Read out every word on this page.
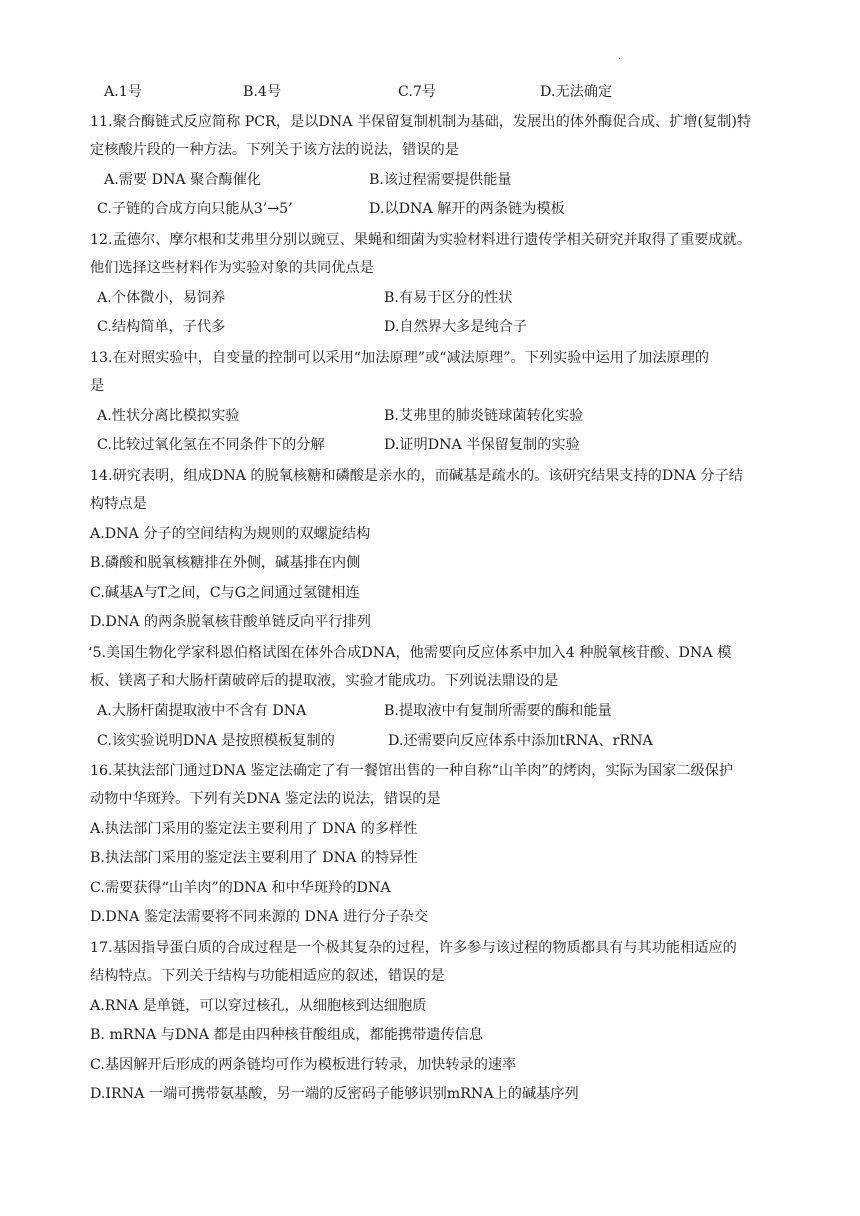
·
A.1号	B.4号	C.7号	D.无法确定
11.聚合酶链式反应简称 PCR，是以DNA 半保留复制机制为基础，发展出的体外酶促合成、扩增(复制)特
定核酸片段的一种方法。下列关于该方法的说法，错误的是
A.需要 DNA 聚合酶催化	B.该过程需要提供能量
C.子链的合成方向只能从3’→5’	D.以DNA 解开的两条链为模板
12.孟德尔、摩尔根和艾弗里分别以豌豆、果蝇和细菌为实验材料进行遗传学相关研究并取得了重要成就。
他们选择这些材料作为实验对象的共同优点是
A.个体微小，易饲养	B.有易于区分的性状
C.结构简单，子代多	D.自然界大多是纯合子
13.在对照实验中，自变量的控制可以采用“加法原理”或“减法原理”。下列实验中运用了加法原理的
是
A.性状分离比模拟实验	B.艾弗里的肺炎链球菌转化实验
C.比较过氧化氢在不同条件下的分解	D.证明DNA 半保留复制的实验
14.研究表明，组成DNA 的脱氧核糖和磷酸是亲水的，而碱基是疏水的。该研究结果支持的DNA 分子结
构特点是
A.DNA 分子的空间结构为规则的双螺旋结构
B.磷酸和脱氧核糖排在外侧，碱基排在内侧
C.碱基A与T之间，C与G之间通过氢键相连
D.DNA 的两条脱氧核苷酸单链反向平行排列
‘5.美国生物化学家科恩伯格试图在体外合成DNA，他需要向反应体系中加入4 种脱氧核苷酸、DNA 模
板、镁离子和大肠杆菌破碎后的提取液，实验才能成功。下列说法鼎设的是
A.大肠杆菌提取液中不含有 DNA	B.提取液中有复制所需要的酶和能量
C.该实验说明DNA 是按照模板复制的	D.还需要向反应体系中添加tRNA、rRNA
16.某执法部门通过DNA 鉴定法确定了有一餐馆出售的一种自称“山羊肉”的烤肉，实际为国家二级保护
动物中华斑羚。下列有关DNA 鉴定法的说法，错误的是
A.执法部门采用的鉴定法主要利用了 DNA 的多样性
B.执法部门采用的鉴定法主要利用了 DNA 的特异性
C.需要获得“山羊肉”的DNA 和中华斑羚的DNA
D.DNA 鉴定法需要将不同来源的 DNA 进行分子杂交
17.基因指导蛋白质的合成过程是一个极其复杂的过程，许多参与该过程的物质都具有与其功能相适应的
结构特点。下列关于结构与功能相适应的叙述，错误的是
A.RNA 是单链，可以穿过核孔，从细胞核到达细胞质
B. mRNA 与DNA 都是由四种核苷酸组成，都能携带遗传信息
C.基因解开后形成的两条链均可作为模板进行转录，加快转录的速率
D.IRNA 一端可携带氨基酸，另一端的反密码子能够识别mRNA上的碱基序列
